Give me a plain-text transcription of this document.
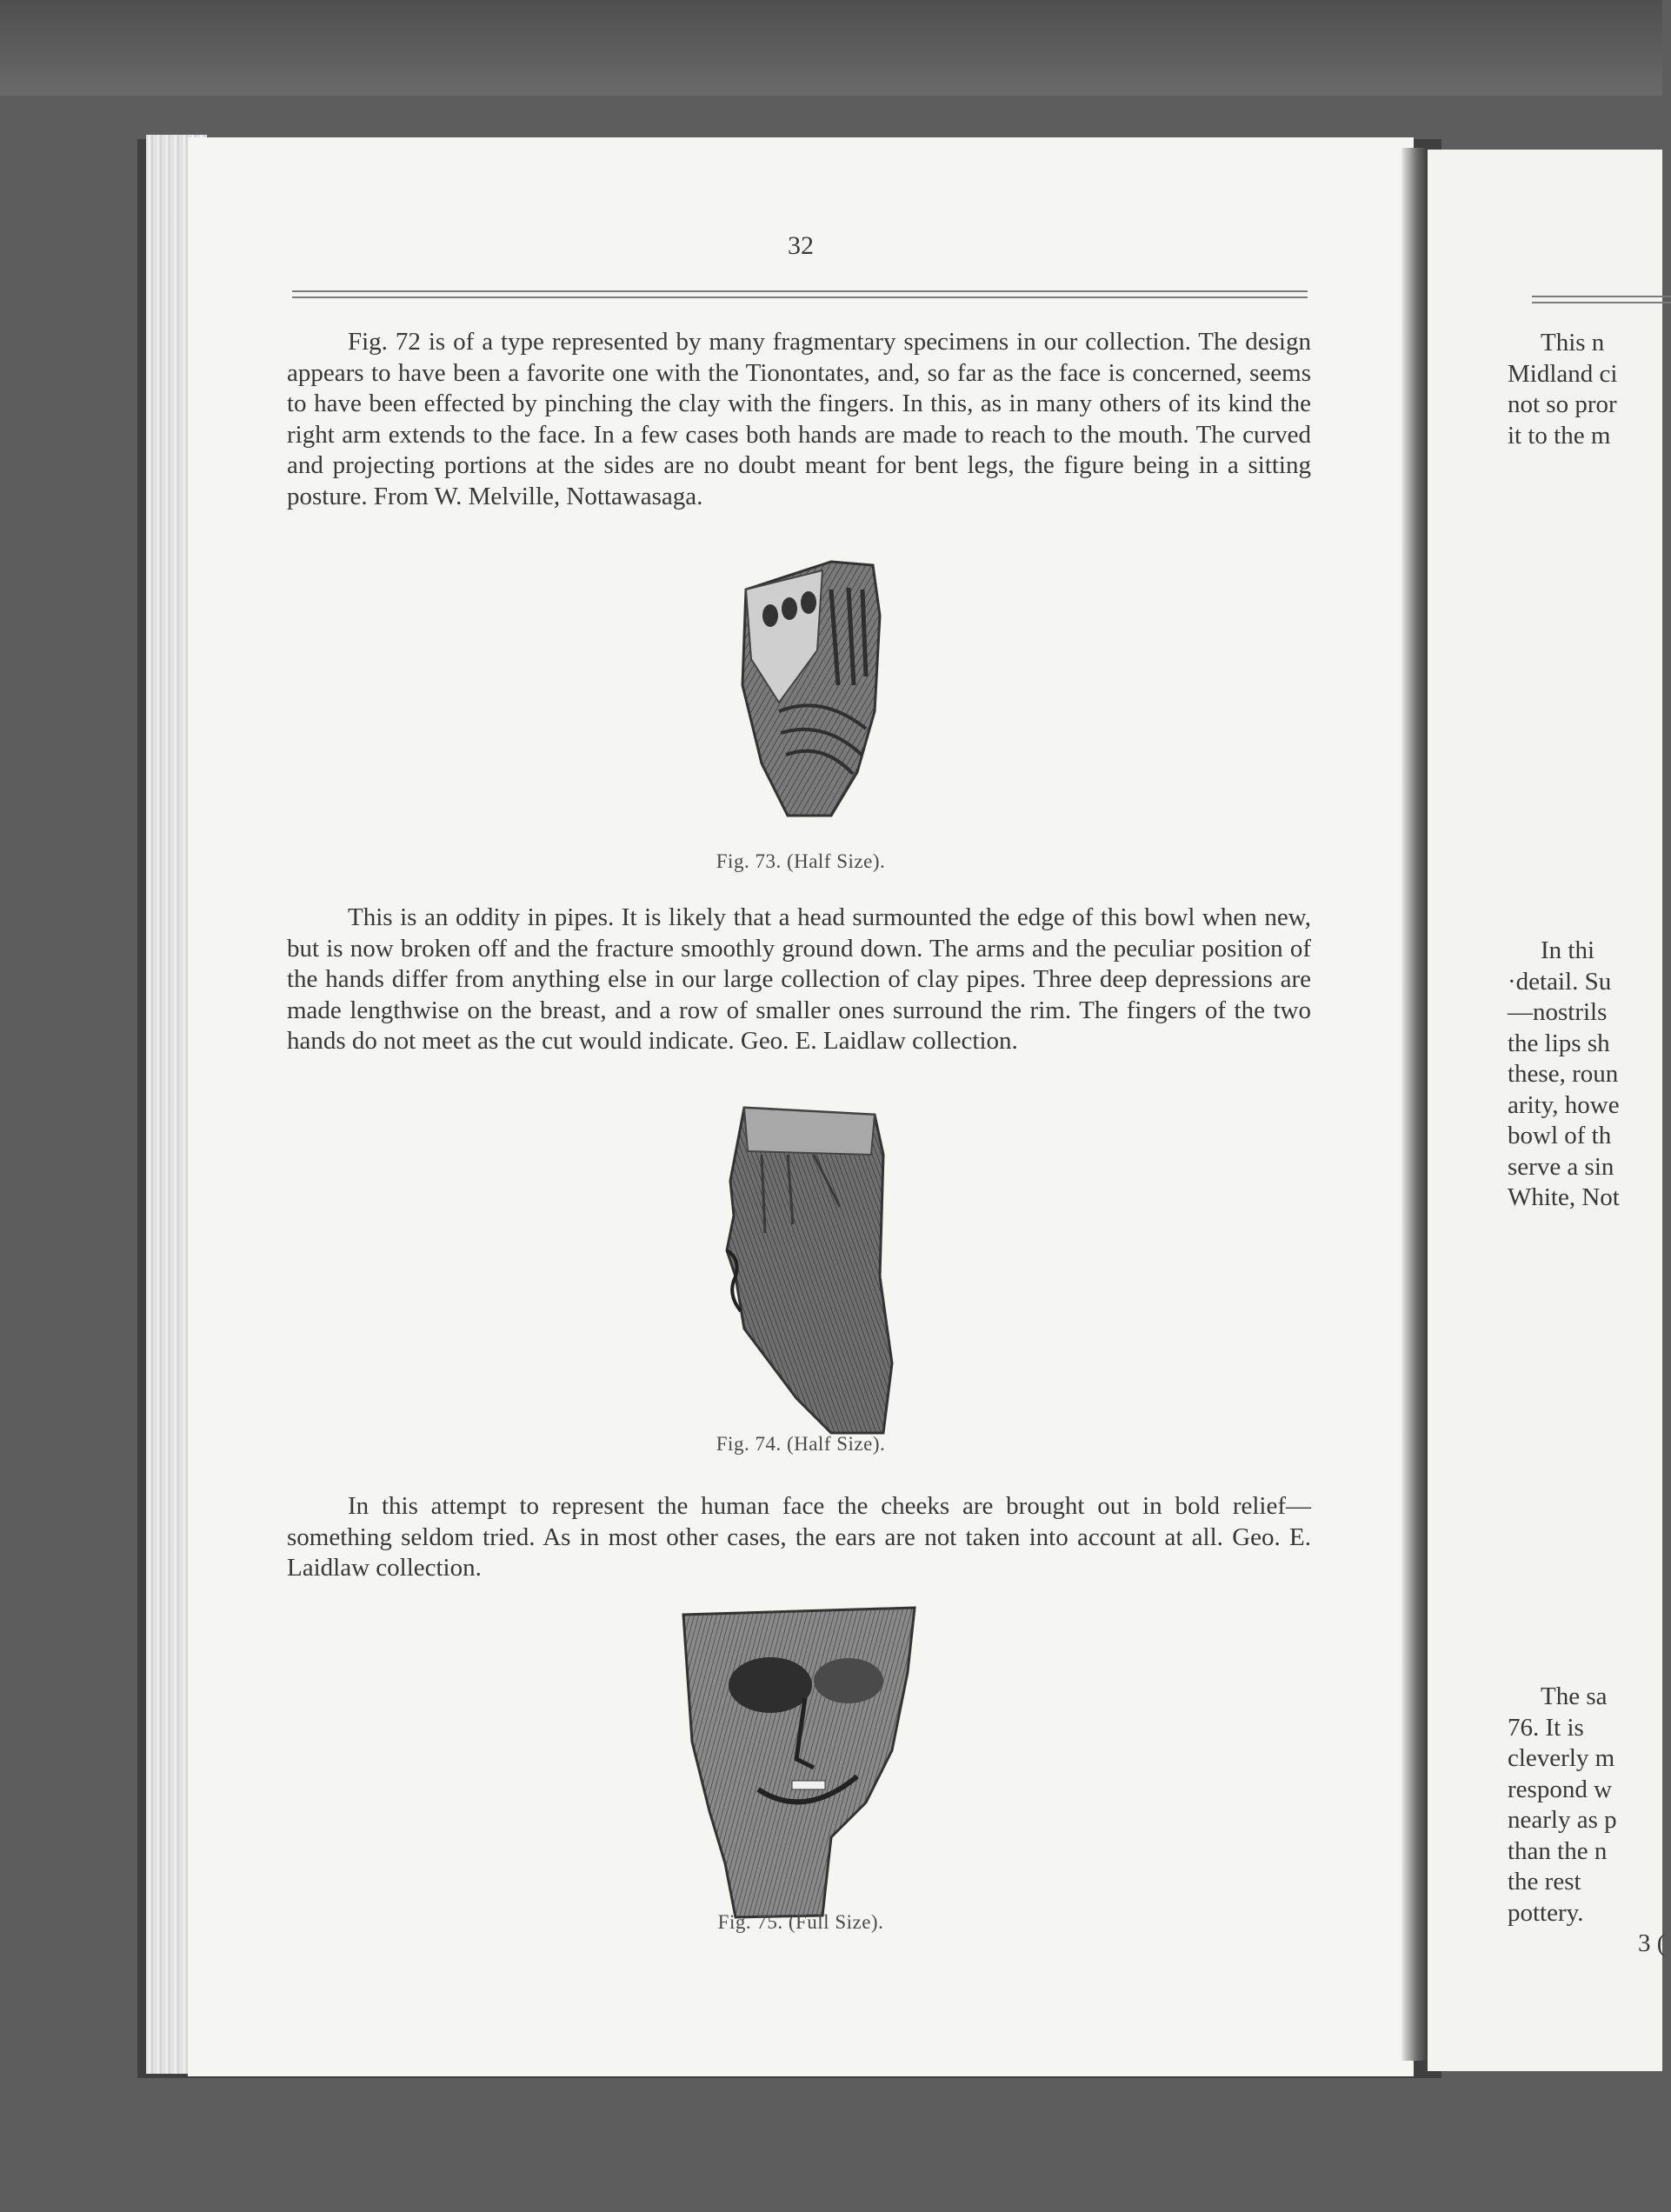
32

Fig. 72 is of a type represented by many fragmentary specimens in our collection. The design appears to have been a favorite one with the Tionontates, and, so far as the face is concerned, seems to have been effected by pinching the clay with the fingers. In this, as in many others of its kind the right arm extends to the face. In a few cases both hands are made to reach to the mouth. The curved and projecting portions at the sides are no doubt meant for bent legs, the figure being in a sitting posture. From W. Melville, Nottawasaga.

Fig. 73. (Half Size).

This is an oddity in pipes. It is likely that a head surmounted the edge of this bowl when new, but is now broken off and the fracture smoothly ground down. The arms and the peculiar position of the hands differ from anything else in our large collection of clay pipes. Three deep depressions are made lengthwise on the breast, and a row of smaller ones surround the rim. The fingers of the two hands do not meet as the cut would indicate. Geo. E. Laidlaw collection.

Fig. 74. (Half Size).

In this attempt to represent the human face the cheeks are brought out in bold relief—something seldom tried. As in most other cases, the ears are not taken into account at all. Geo. E. Laidlaw collection.

Fig. 75. (Full Size).
This n
Midland ci
not so pror
it to the m
In thi
·detail. Su
—nostrils
the lips sh
these, roun
arity, howe
bowl of th
serve a sin
White, Not
The sa
76. It is
cleverly m
respond w
nearly as p
than the n
the rest
pottery.
3 (
